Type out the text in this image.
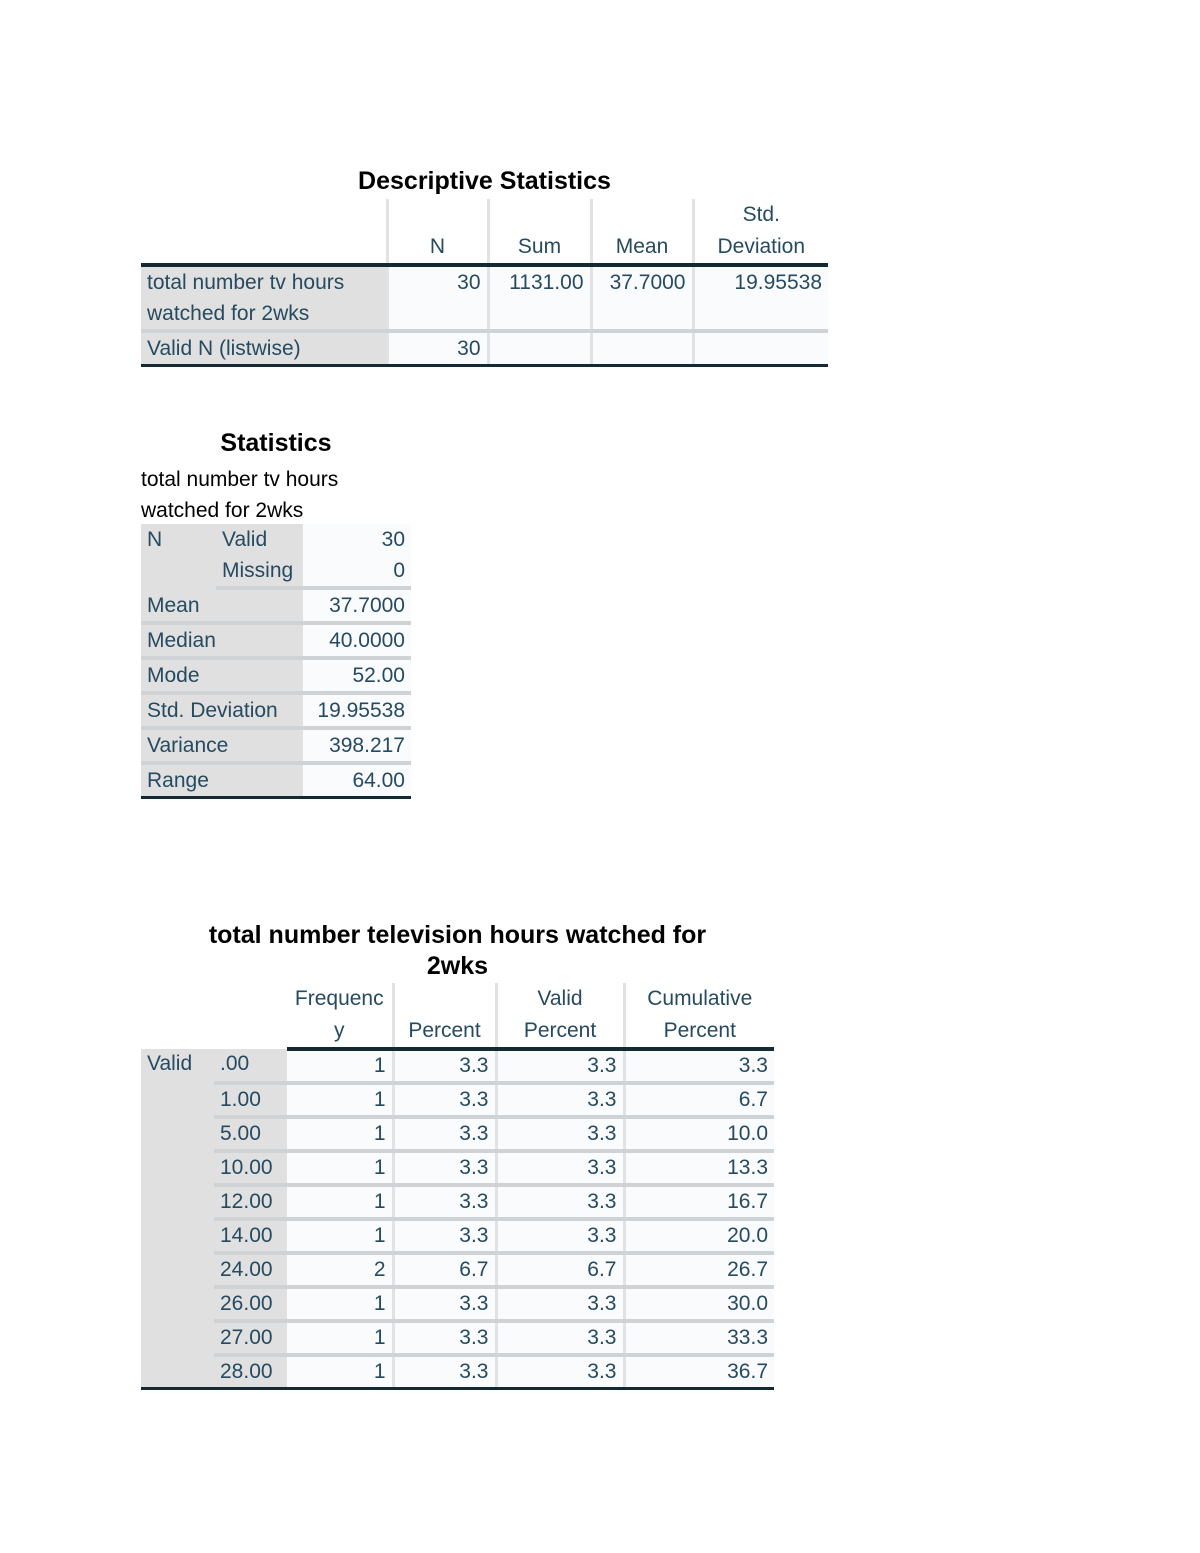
Descriptive Statistics
	N	Sum	Mean	Std.
Deviation

total number tv hours watched for 2wks	30	1131.00	37.7000	19.95538
Valid N (listwise)	30			
Statistics
total number tv hours watched for 2wks
N	Valid	30
	Missing	0
Mean		37.7000
Median		40.0000
Mode		52.00
Std. Deviation		19.95538
Variance		398.217
Range		64.00
total number television hours watched for
2wks
		Frequency	Percent	Valid Percent	Cumulative Percent
Valid	.00	1	3.3	3.3	3.3
	1.00	1	3.3	3.3	6.7
	5.00	1	3.3	3.3	10.0
	10.00	1	3.3	3.3	13.3
	12.00	1	3.3	3.3	16.7
	14.00	1	3.3	3.3	20.0
	24.00	2	6.7	6.7	26.7
	26.00	1	3.3	3.3	30.0
	27.00	1	3.3	3.3	33.3
	28.00	1	3.3	3.3	36.7
